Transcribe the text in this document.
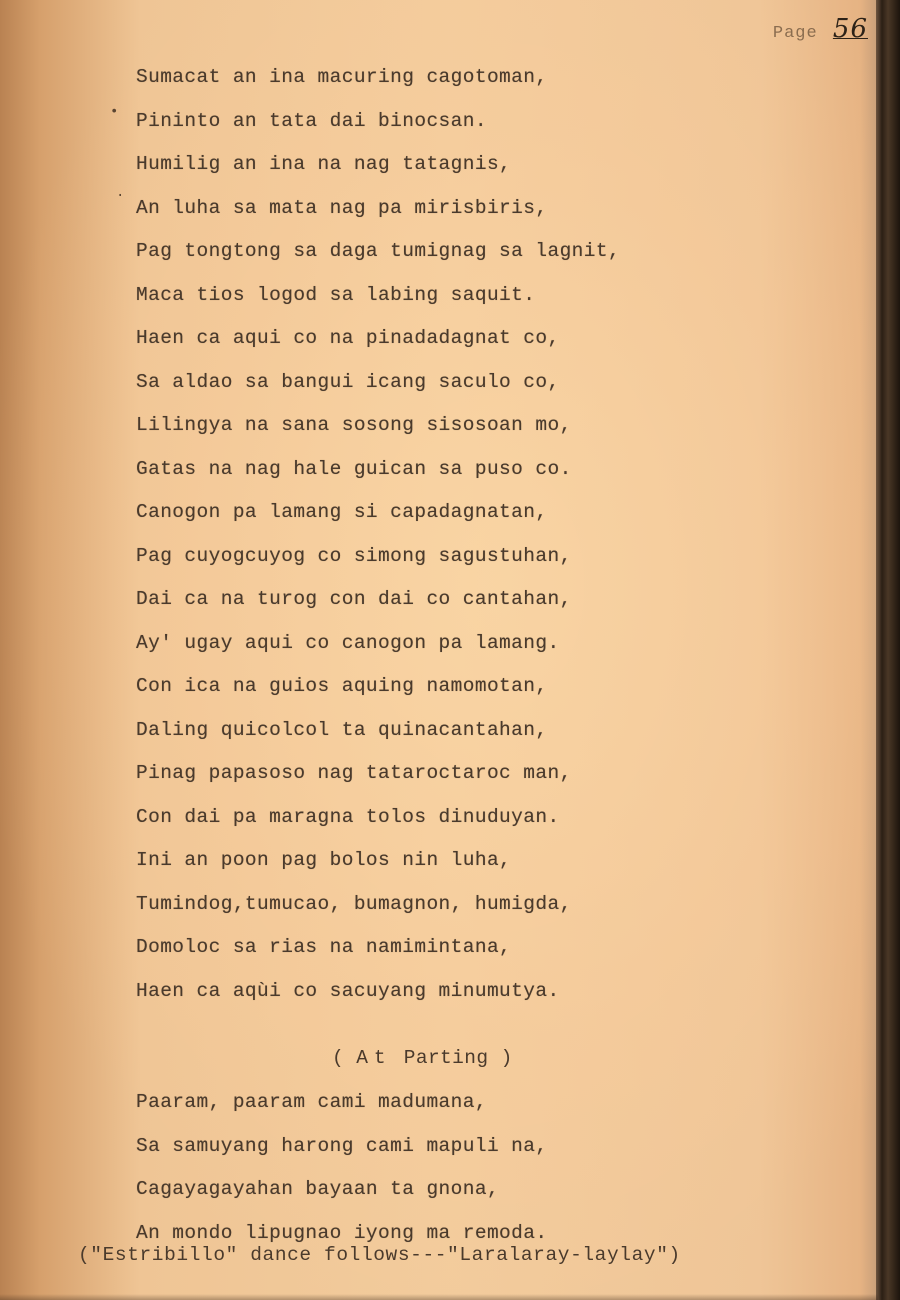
Page 56
•
·
Sumacat an ina macuring cagotoman,
Pininto an tata dai binocsan.
Humilig an ina na nag tatagnis,
An luha sa mata nag pa mirisbiris,
Pag tongtong sa daga tumignag sa lagnit,
Maca tios logod sa labing saquit.
Haen ca aqui co na pinadadagnat co,
Sa aldao sa bangui icang saculo co,
Lilingya na sana sosong sisosoan mo,
Gatas na nag hale guican sa puso co.
Canogon pa lamang si capadagnatan,
Pag cuyogcuyog co simong sagustuhan,
Dai ca na turog con dai co cantahan,
Ay' ugay aqui co canogon pa lamang.
Con ica na guios aquing namomotan,
Daling quicolcol ta quinacantahan,
Pinag papasoso nag tataroctaroc man,
Con dai pa maragna tolos dinuduyan.
Ini an poon pag bolos nin luha,
Tumindog,tumucao, bumagnon, humigda,
Domoloc sa rias na namimintana,
Haen ca aqùi co sacuyang minumutya.
( At Parting )
Paaram, paaram cami madumana,
Sa samuyang harong cami mapuli na,
Cagayagayahan bayaan ta gnona,
An mondo lipugnao iyong ma remoda.
("Estribillo" dance follows---"Laralaray-laylay")
